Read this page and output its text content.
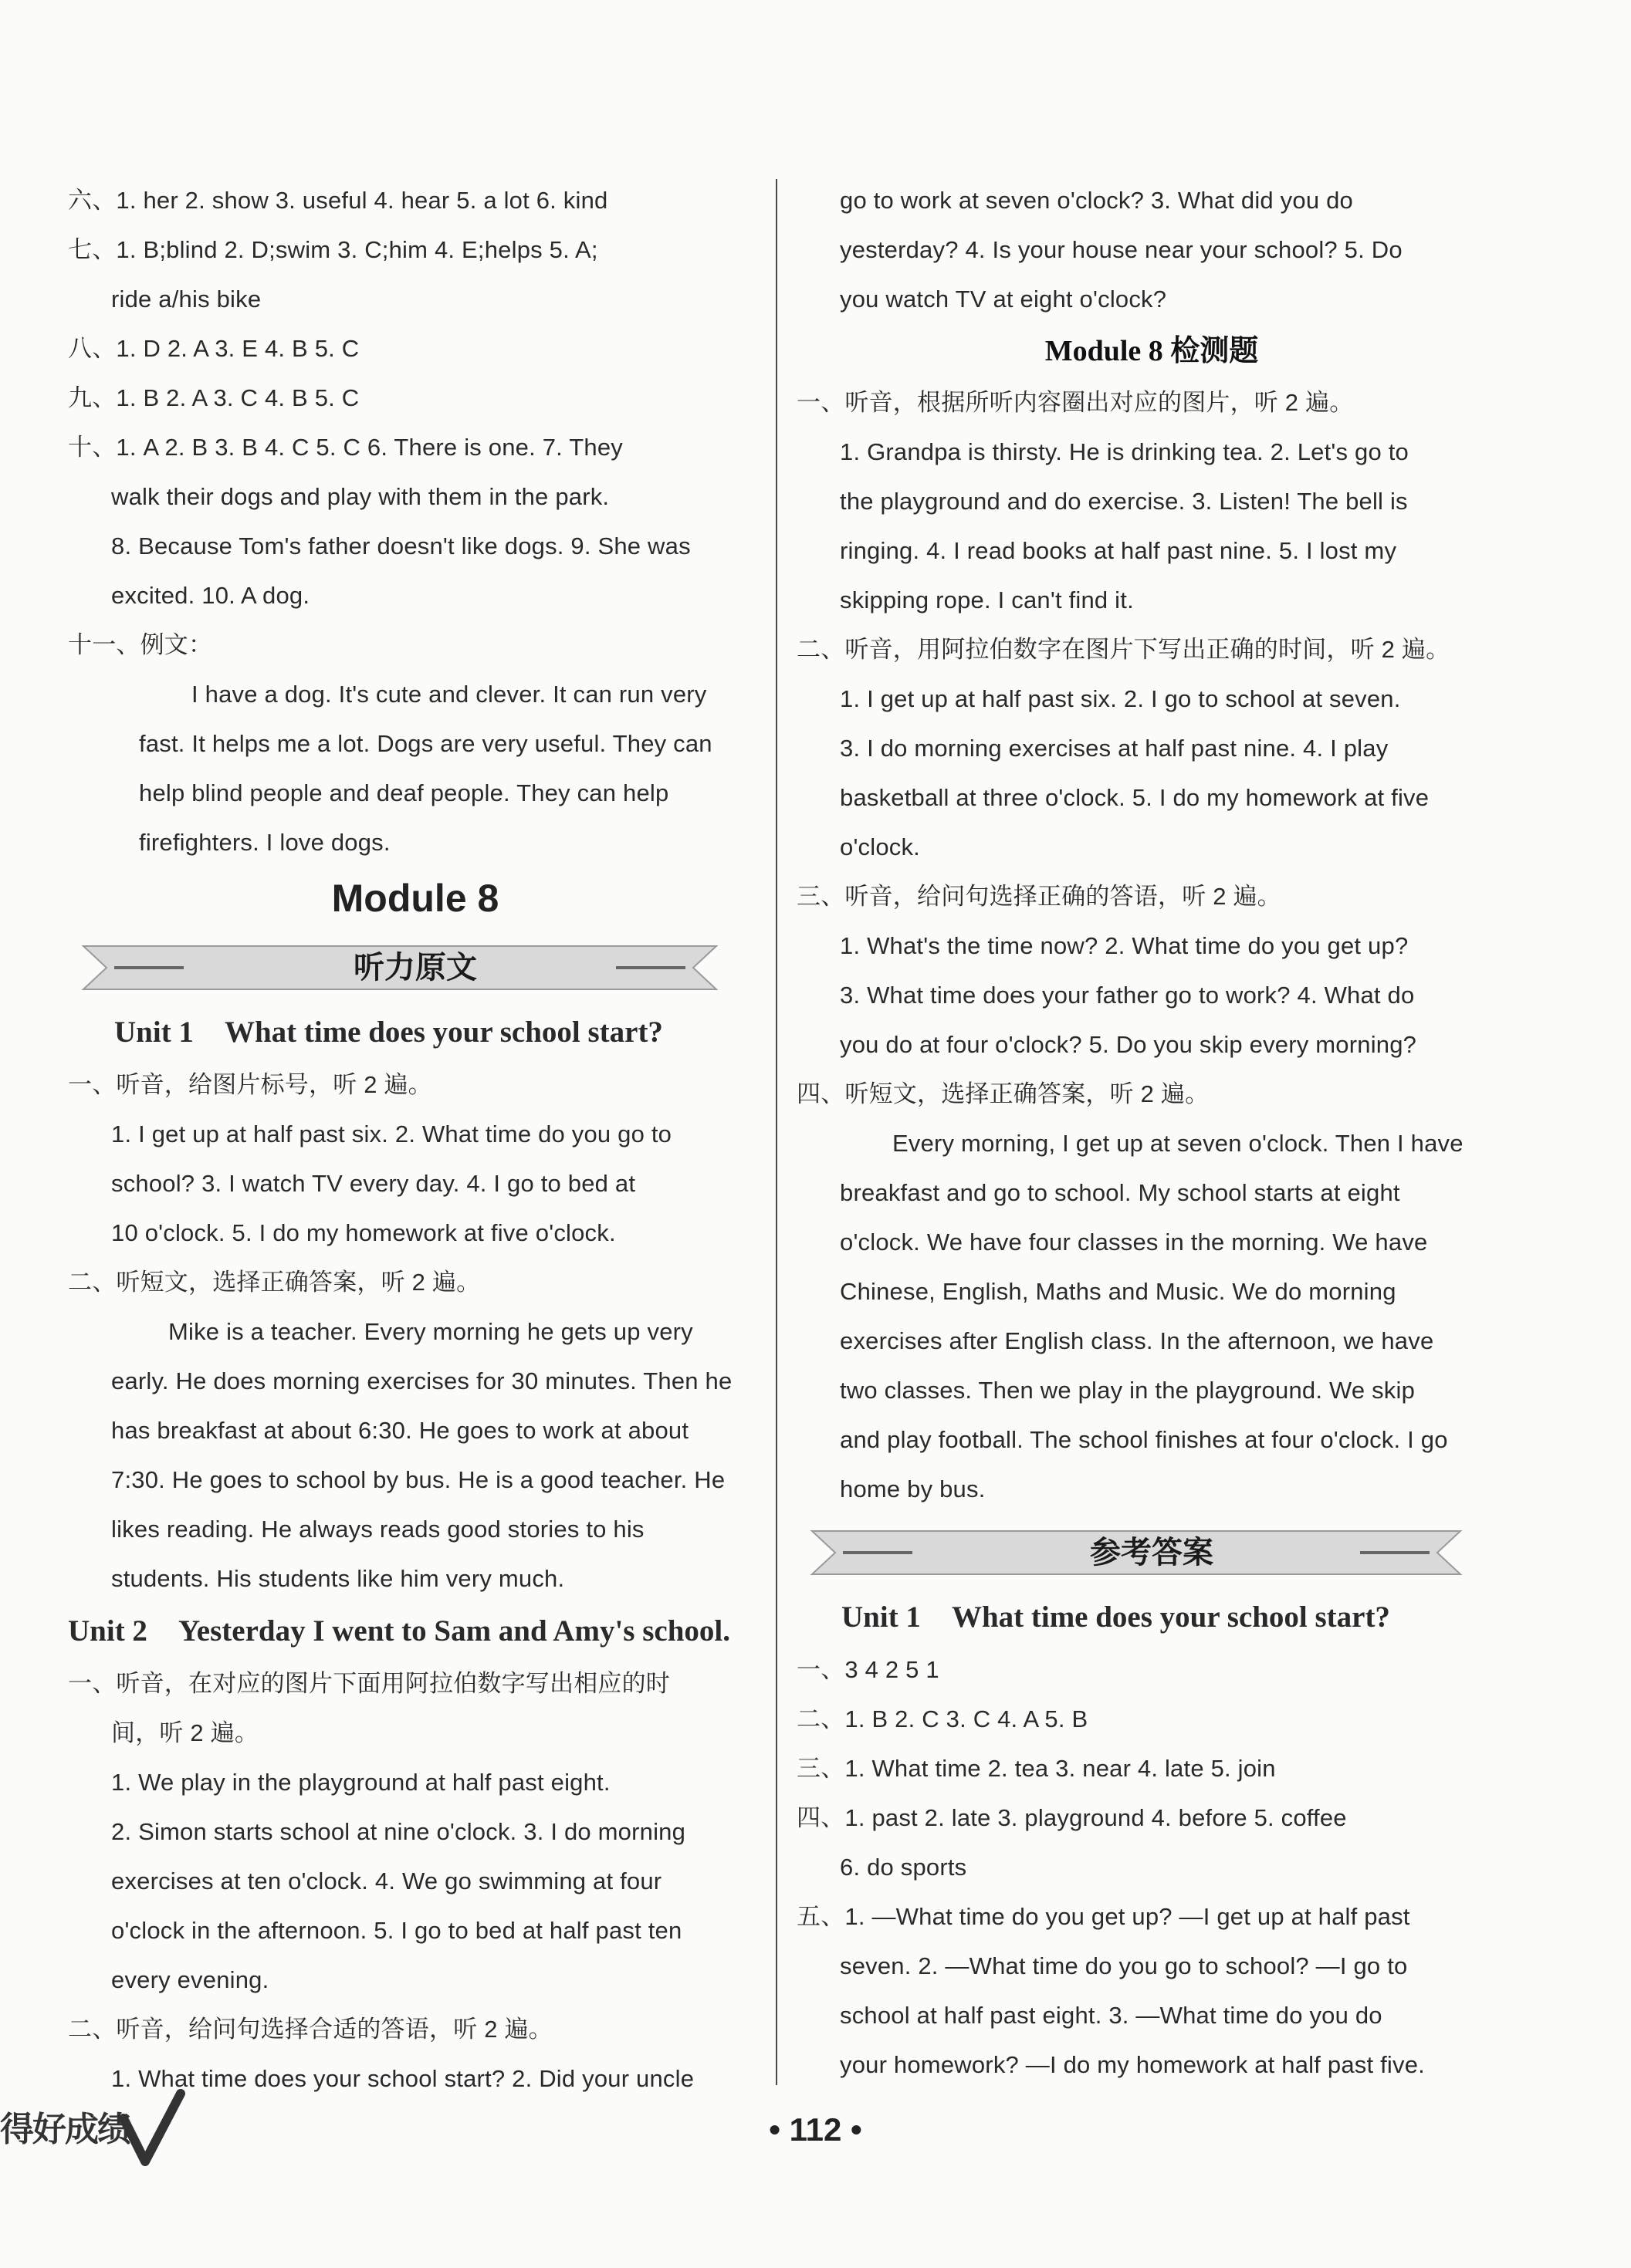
六、1. her 2. show 3. useful 4. hear 5. a lot 6. kind
七、1. B;blind 2. D;swim 3. C;him 4. E;helps 5. A;
ride a/his bike
八、1. D 2. A 3. E 4. B 5. C
九、1. B 2. A 3. C 4. B 5. C
十、1. A 2. B 3. B 4. C 5. C 6. There is one. 7. They
walk their dogs and play with them in the park.
8. Because Tom's father doesn't like dogs. 9. She was
excited. 10. A dog.
十一、例文：
I have a dog. It's cute and clever. It can run very
fast. It helps me a lot. Dogs are very useful. They can
help blind people and deaf people. They can help
firefighters. I love dogs.
Module 8
听力原文
Unit 1 What time does your school start?
一、听音，给图片标号，听 2 遍。
1. I get up at half past six. 2. What time do you go to
school? 3. I watch TV every day. 4. I go to bed at
10 o'clock. 5. I do my homework at five o'clock.
二、听短文，选择正确答案，听 2 遍。
Mike is a teacher. Every morning he gets up very
early. He does morning exercises for 30 minutes. Then he
has breakfast at about 6:30. He goes to work at about
7:30. He goes to school by bus. He is a good teacher. He
likes reading. He always reads good stories to his
students. His students like him very much.
Unit 2 Yesterday I went to Sam and Amy's school.
一、听音，在对应的图片下面用阿拉伯数字写出相应的时
间，听 2 遍。
1. We play in the playground at half past eight.
2. Simon starts school at nine o'clock. 3. I do morning
exercises at ten o'clock. 4. We go swimming at four
o'clock in the afternoon. 5. I go to bed at half past ten
every evening.
二、听音，给问句选择合适的答语，听 2 遍。
1. What time does your school start? 2. Did your uncle
go to work at seven o'clock? 3. What did you do
yesterday? 4. Is your house near your school? 5. Do
you watch TV at eight o'clock?
Module 8 检测题
一、听音，根据所听内容圈出对应的图片，听 2 遍。
1. Grandpa is thirsty. He is drinking tea. 2. Let's go to
the playground and do exercise. 3. Listen! The bell is
ringing. 4. I read books at half past nine. 5. I lost my
skipping rope. I can't find it.
二、听音，用阿拉伯数字在图片下写出正确的时间，听 2 遍。
1. I get up at half past six. 2. I go to school at seven.
3. I do morning exercises at half past nine. 4. I play
basketball at three o'clock. 5. I do my homework at five
o'clock.
三、听音，给问句选择正确的答语，听 2 遍。
1. What's the time now? 2. What time do you get up?
3. What time does your father go to work? 4. What do
you do at four o'clock? 5. Do you skip every morning?
四、听短文，选择正确答案，听 2 遍。
Every morning, I get up at seven o'clock. Then I have
breakfast and go to school. My school starts at eight
o'clock. We have four classes in the morning. We have
Chinese, English, Maths and Music. We do morning
exercises after English class. In the afternoon, we have
two classes. Then we play in the playground. We skip
and play football. The school finishes at four o'clock. I go
home by bus.
参考答案
Unit 1 What time does your school start?
一、3 4 2 5 1
二、1. B 2. C 3. C 4. A 5. B
三、1. What time 2. tea 3. near 4. late 5. join
四、1. past 2. late 3. playground 4. before 5. coffee
6. do sports
五、1. —What time do you get up? —I get up at half past
seven. 2. —What time do you go to school? —I go to
school at half past eight. 3. —What time do you do
your homework? —I do my homework at half past five.
得好成绩	• 112 •
